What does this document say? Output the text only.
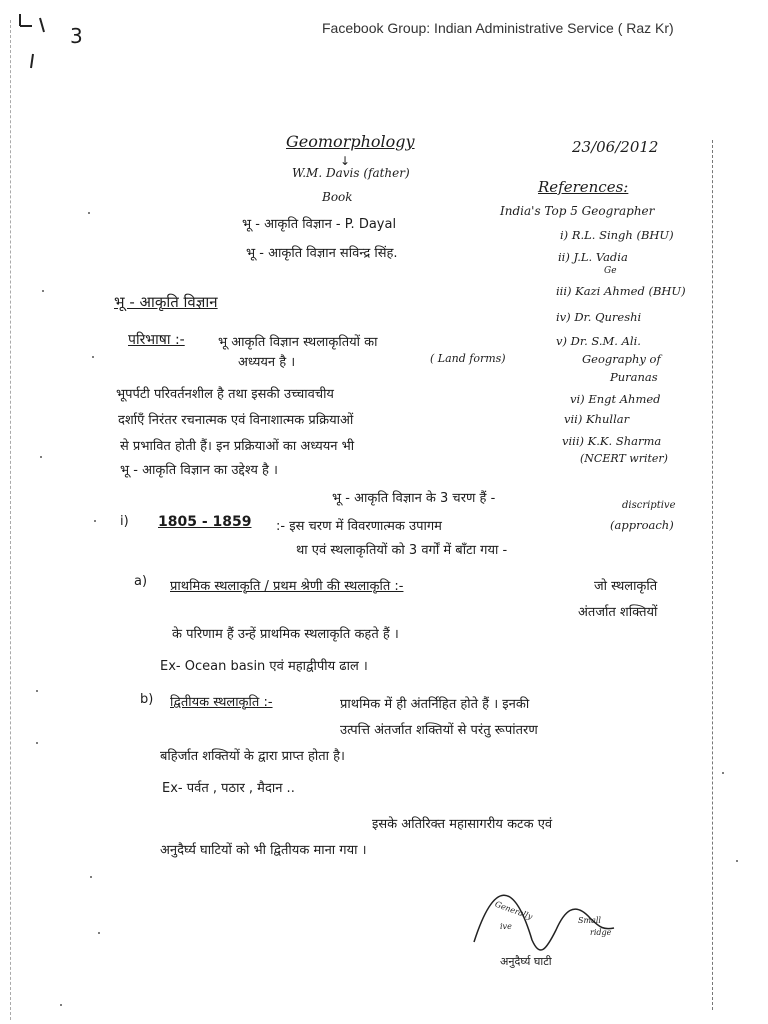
3	Facebook Group: Indian Administrative Service ( Raz Kr)
Geomorphology
↓
23/06/2012
W.M. Davis (father)
Book
भू - आकृति विज्ञान - P. Dayal
भू - आकृति विज्ञान सविन्द्र सिंह.
References:
India's Top 5 Geographer
i) R.L. Singh (BHU)
ii) J.L. Vadia
Ge
iii) Kazi Ahmed (BHU)
iv) Dr. Qureshi
v) Dr. S.M. Ali.
Geography of
Puranas
vi) Engt Ahmed
vii) Khullar
viii) K.K. Sharma
(NCERT writer)
भू - आकृति विज्ञान
परिभाषा :-	भू आकृति विज्ञान स्थलाकृतियों का
अध्ययन है ।	( Land forms)
भूपर्पटी परिवर्तनशील है तथा इसकी उच्चावचीय
दर्शाएँ निरंतर रचनात्मक एवं विनाशात्मक प्रक्रियाओं
से प्रभावित होती हैं। इन प्रक्रियाओं का अध्ययन भी
भू - आकृति विज्ञान का उद्देश्य है ।
भू - आकृति विज्ञान के 3 चरण हैं -	discriptive
i) 1805 - 1859 :- इस चरण में विवरणात्मक उपागम	(approach)
था एवं स्थलाकृतियों को 3 वर्गों में बाँटा गया -
a) प्राथमिक स्थलाकृति / प्रथम श्रेणी की स्थलाकृति :-	जो स्थलाकृति
अंतर्जात शक्तियों
के परिणाम हैं उन्हें प्राथमिक स्थलाकृति कहते हैं ।
Ex- Ocean basin एवं महाद्वीपीय ढाल ।
b) द्वितीयक स्थलाकृति :-	प्राथमिक में ही अंतर्निहित होते हैं । इनकी
उत्पत्ति अंतर्जात शक्तियों से परंतु रूपांतरण
बहिर्जात शक्तियों के द्वारा प्राप्त होता है।
Ex- पर्वत , पठार , मैदान ..
इसके अतिरिक्त महासागरीय कटक एवं
अनुदैर्घ्य घाटियों को भी द्वितीयक माना गया ।
Generally
ive
Small
ridge
अनुदैर्घ्य घाटी
